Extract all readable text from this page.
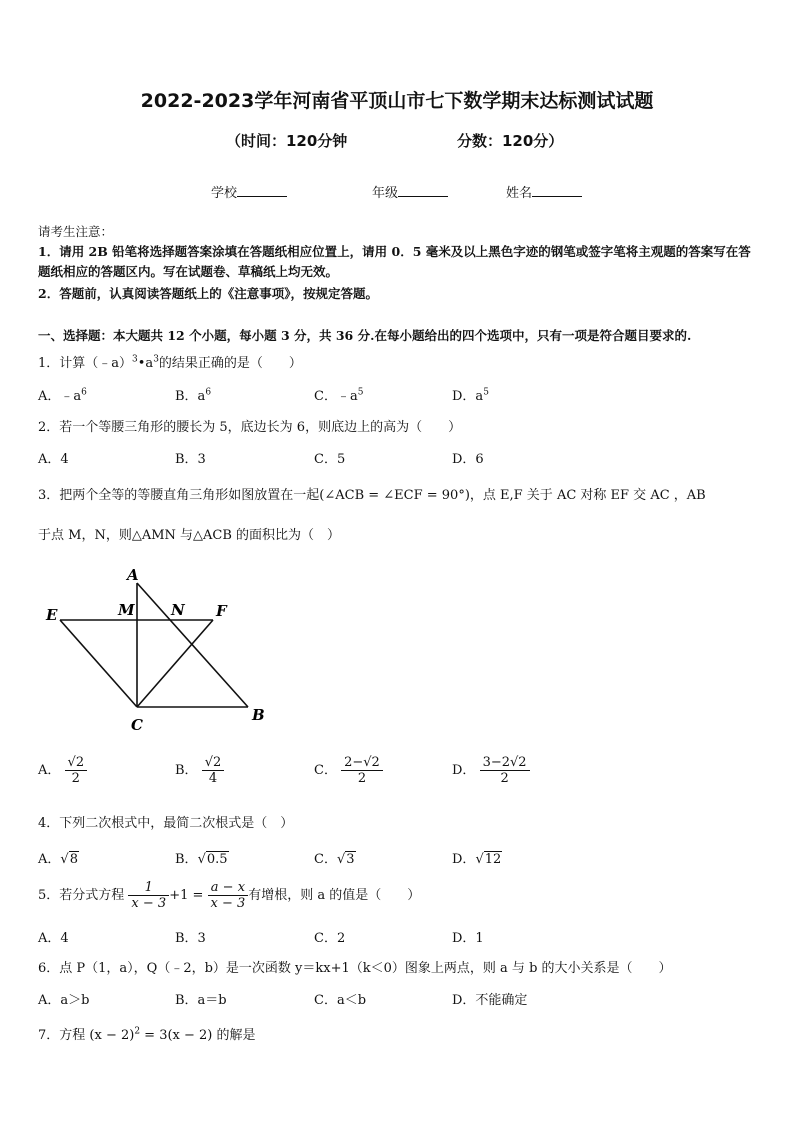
2022-2023学年河南省平顶山市七下数学期末达标测试试题
（时间：120分钟	分数：120分）
学校	年级	姓名
请考生注意：
1．请用 2B 铅笔将选择题答案涂填在答题纸相应位置上，请用 0．5 毫米及以上黑色字迹的钢笔或签字笔将主观题的答案写在答题纸相应的答题区内。写在试题卷、草稿纸上均无效。
2．答题前，认真阅读答题纸上的《注意事项》，按规定答题。
一、选择题：本大题共 12 个小题，每小题 3 分，共 36 分.在每小题给出的四个选项中，只有一项是符合题目要求的.
1．计算$(﹣a)^3•a^3$的结果正确的是（　　）
A．$﹣a^6$	B．$a^6$	C．$﹣a^5$	D．$a^5$
2．若一个等腰三角形的腰长为 5，底边长为 6，则底边上的高为（　　）
A．4	B．3	C．5	D．6
3．把两个全等的等腰直角三角形如图放置在一起(∠ACB = ∠ECF = 90°)，点 E,F 关于 AC 对称 EF 交 AC ，AB
于点 M，N，则△AMN 与△ACB 的面积比为（　）
A
M N
E	F
C
B
A． $\frac{√2}{2}$	B． $\frac{√2}{4}$	C． $\frac{2-√2}{2}$	D． $\frac{3-2√2}{2}$
4．下列二次根式中，最简二次根式是（　）
A．√8	B．√0.5	C．√3	D．√12
5．若分式方程 $\frac{1}{x - 3} +1 = \frac{a - x}{x - 3}$ 有增根，则 a 的值是（　　）
A．4	B．3	C．2	D．1
6．点 P（1，a），Q（﹣2，b）是一次函数 y＝kx+1（k＜0）图象上两点，则 a 与 b 的大小关系是（　　）
A．a＞b	B．a＝b	C．a＜b	D．不能确定
7．方程 $(x - 2)^2 = 3(x - 2)$ 的解是
